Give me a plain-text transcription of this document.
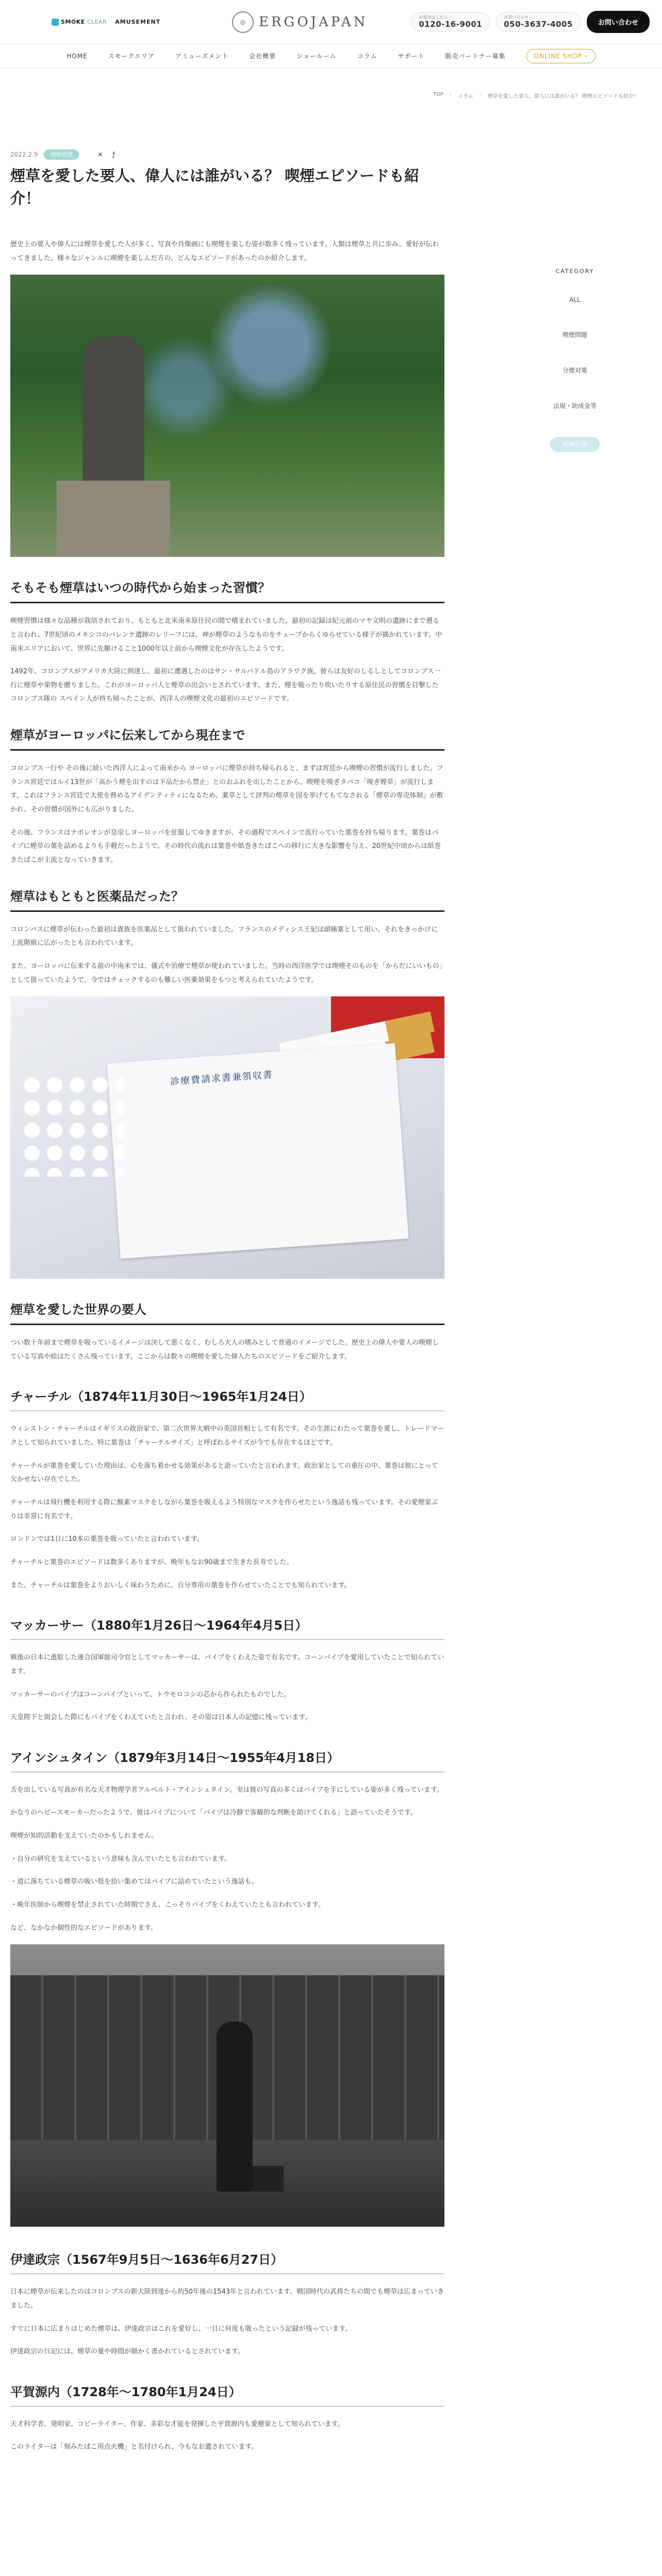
SMOKE CLEAR AMUSEMENT	◎ ERGOJAPAN	お電話はこちら
0120-16-9001
お問い合わせ
050-3637-4005	お問い合わせ
HOME	スモークエリア	アミューズメント	会社概要	ショールーム	コラム	サポート	販売パートナー募集	ONLINE SHOP ›
TOP › コラム › 煙草を愛した要人、偉人には誰がいる？ 喫煙エピソードも紹介！
2022.2.9	喫煙習慣	✕	ƒ
煙草を愛した要人、偉人には誰がいる？ 喫煙エピソードも紹介！

歴史上の要人や偉人には煙草を愛した人が多く、写真や肖像画にも喫煙を楽しむ姿が数多く残っています。人類は煙草と共に歩み、愛好が伝わってきました。様々なジャンルに喫煙を楽しんだ方の、どんなエピソードがあったのか紹介します。

そもそも煙草はいつの時代から始まった習慣？

喫煙習慣は様々な品種が栽培されており、もともと北米南米原住民の間で嗜まれていました。最初の記録は紀元前のマヤ文明の遺跡にまで遡ると言われ、7世紀頃のメキシコのパレンケ遺跡のレリーフには、神が煙草のようなものをチューブからくゆらせている様子が描かれています。中南米エリアにおいて、世界に先駆けること1000年以上前から喫煙文化が存在したようです。

1492年、コロンブスがアメリカ大陸に到達し、最初に遭遇したのはサン・サルバドル島のアラワク族。彼らは友好のしるしとしてコロンブス一行に煙草や果物を贈りました。これがヨーロッパ人と煙草の出会いとされています。また、煙を吸ったり吹いたりする原住民の習慣を目撃したコロンブス隊の スペイン人が持ち帰ったことが、西洋人の喫煙文化の最初のエピソードです。

煙草がヨーロッパに伝来してから現在まで

コロンブス一行や その後に続いた西洋人によって南米から ヨーロッパに煙草が持ち帰られると、まずは宮廷から喫煙の習慣が流行しました。フランス宮廷ではルイ13世が「高かう煙を出すのは下品だから禁止」とのおふれを出したことから、喫煙を嗅ぎタバコ「嗅ぎ煙草」が流行します。これはフランス宮廷で大使を務めるアイデンティティになるため、薬草として評判の煙草を国を挙げてもてなされる「煙草の専売体制」が敷かれ、その習慣が国外にも広がりました。

その後、フランスはナポレオンが皇帝しヨーロッパを征服してゆきますが、その過程でスペインで流行っていた葉巻を持ち帰ります。葉巻はパイプに煙草の葉を詰めるよりも手軽だったようで、その時代の流れは葉巻や紙巻きたばこへの移行に大きな影響を与え、20世紀中頃からは紙巻きたばこが主流となっていきます。

煙草はもともと医薬品だった？

コロンバスに煙草が伝わった最初は貴族を医薬品として扱われていました。フランスのメディシス王妃は頭痛薬として用い、それをきっかけに上流階級に広がったとも言われています。

また、ヨーロッパに伝来する前の中南米では、儀式や治療で煙草が使われていました。当時の西洋医学では喫煙そのものを「からだにいいもの」として扱っていたようで、今ではチェックするのも難しい医薬効果をもつと考えられていたようです。

診療費請求書兼領収書
煙草を愛した世界の要人

つい数十年前まで煙草を吸っているイメージは決して悪くなく、むしろ大人の嗜みとして普通のイメージでした。歴史上の偉人や要人の喫煙している写真や絵はたくさん残っています。ここからは数々の喫煙を愛した偉人たちのエピソードをご紹介します。

チャーチル（1874年11月30日〜1965年1月24日）

ウィンストン・チャーチルはイギリスの政治家で、第二次世界大戦中の英国首相として有名です。その生涯にわたって葉巻を愛し、トレードマークとして知られていました。特に葉巻は「チャーチルサイズ」と呼ばれるサイズが今でも存在するほどです。

チャーチルが葉巻を愛していた理由は、心を落ち着かせる効果があると語っていたと言われます。政治家としての重圧の中、葉巻は彼にとって欠かせない存在でした。

チャーチルは飛行機を利用する際に酸素マスクをしながら葉巻を吸えるよう特別なマスクを作らせたという逸話も残っています。その愛煙家ぶりは非常に有名です。

ロンドンでは1日に10本の葉巻を吸っていたと言われています。

チャーチルと葉巻のエピソードは数多くありますが、晩年もなお90歳まで生きた長寿でした。

また、チャーチルは葉巻をよりおいしく味わうために、自分専用の葉巻を作らせていたことでも知られています。

マッカーサー（1880年1月26日〜1964年4月5日）

戦後の日本に進駐した連合国軍総司令官としてマッカーサーは、パイプをくわえた姿で有名です。コーンパイプを愛用していたことで知られています。

マッカーサーのパイプはコーンパイプといって、トウモロコシの芯から作られたものでした。

天皇陛下と面会した際にもパイプをくわえていたと言われ、その姿は日本人の記憶に残っています。

アインシュタイン（1879年3月14日〜1955年4月18日）

舌を出している写真が有名な天才物理学者アルベルト・アインシュタイン。実は彼の写真の多くはパイプを手にしている姿が多く残っています。

かなりのヘビースモーカーだったようで、彼はパイプについて「パイプは冷静で客観的な判断を助けてくれる」と語っていたそうです。

喫煙が知的活動を支えていたのかもしれません。

・自分の研究を支えているという意味も含んでいたとも言われています。

・道に落ちている煙草の吸い殻を拾い集めてはパイプに詰めていたという逸話も。

・晩年医師から喫煙を禁止されていた時期でさえ、こっそりパイプをくわえていたとも言われています。

など、なかなか個性的なエピソードがあります。

伊達政宗（1567年9月5日〜1636年6月27日）

日本に煙草が伝来したのはコロンブスの新大陸到達から約50年後の1543年と言われています。戦国時代の武将たちの間でも煙草は広まっていきました。

すでに日本に広まりはじめた煙草は、伊達政宗はこれを愛好し、一日に何度も吸ったという記録が残っています。

伊達政宗の日記には、煙草の量や時間が細かく書かれているとされています。

平賀源内（1728年〜1780年1月24日）

天才科学者、発明家、コピーライター、作家、多彩な才能を発揮した平賀源内も愛煙家として知られています。

このライターは「刻みたばこ用点火機」と名付けられ、今もなお遺されています。

CATEGORY
ALL
喫煙問題
分煙対策
法規・助成金等
喫煙習慣
